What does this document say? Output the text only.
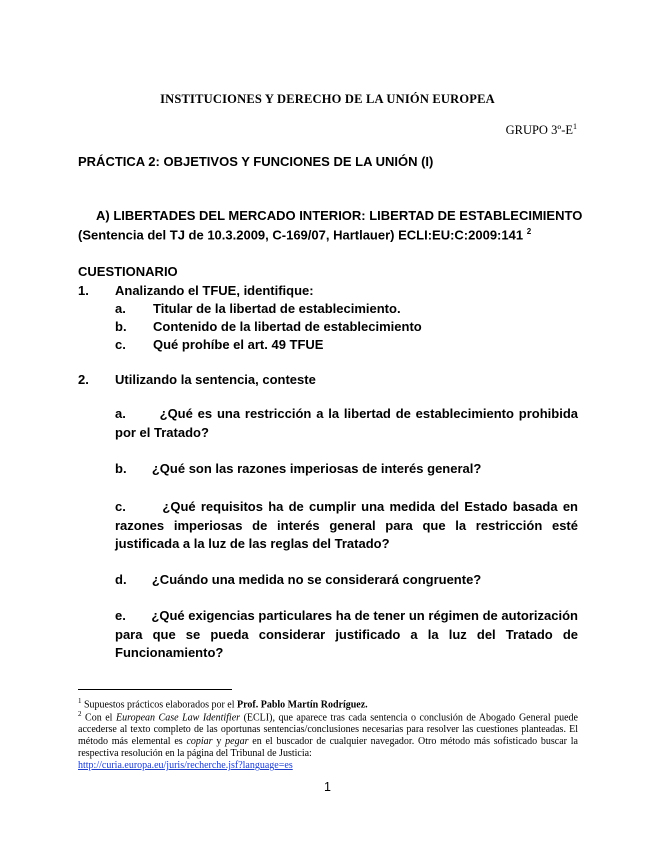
INSTITUCIONES Y DERECHO DE LA UNIÓN EUROPEA
GRUPO $3º-E^1$
PRÁCTICA 2: OBJETIVOS Y FUNCIONES DE LA UNIÓN (I)
A) LIBERTADES DEL MERCADO INTERIOR: LIBERTAD DE ESTABLECIMIENTO
(Sentencia del TJ de 10.3.2009, C-169/07, Hartlauer) ECLI:EU:C:2009:141 $^2$
CUESTIONARIO
1. Analizando el TFUE, identifique:
a. Titular de la libertad de establecimiento.
b. Contenido de la libertad de establecimiento
c. Qué prohíbe el art. 49 TFUE
2. Utilizando la sentencia, conteste
a.	¿Qué es una restricción a la libertad de establecimiento prohibida por el Tratado?
b. ¿Qué son las razones imperiosas de interés general?
c.	¿Qué requisitos ha de cumplir una medida del Estado basada en razones imperiosas de interés general para que la restricción esté justificada a la luz de las reglas del Tratado?
d. ¿Cuándo una medida no se considerará congruente?
e. ¿Qué exigencias particulares ha de tener un régimen de autorización para que se pueda considerar justificado a la luz del Tratado de Funcionamiento?
$^1$ Supuestos prácticos elaborados por el Prof. Pablo Martín Rodríguez.
$^2$ Con el European Case Law Identifier (ECLI), que aparece tras cada sentencia o conclusión de Abogado General puede accederse al texto completo de las oportunas sentencias/conclusiones necesarias para resolver las cuestiones planteadas. El método más elemental es copiar y pegar en el buscador de cualquier navegador. Otro método más sofisticado buscar la respectiva resolución en la página del Tribunal de Justicia:
http://curia.europa.eu/juris/recherche.jsf?language=es
1
